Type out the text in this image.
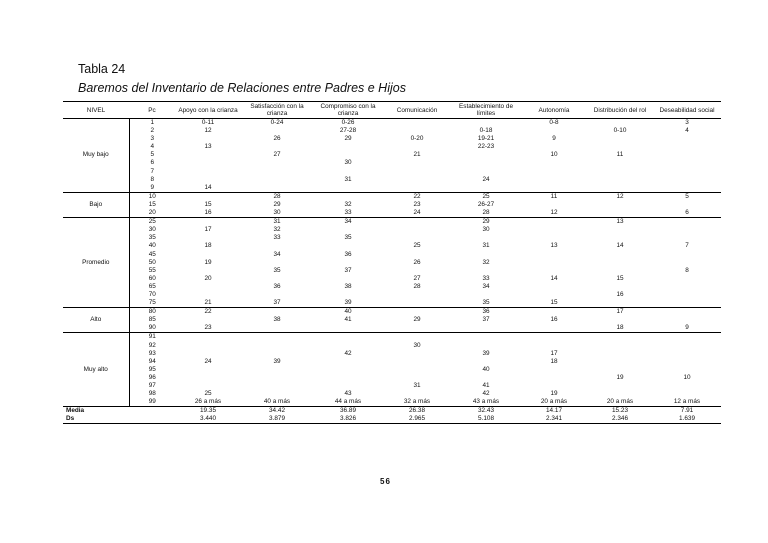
Tabla 24
Baremos del Inventario de Relaciones entre Padres e Hijos
NIVEL	Pc	Apoyo con la crianza	Satisfacción con la crianza	Compromiso con la crianza	Comunicación	Establecimiento de límites	Autonomía	Distribución del rol	Deseabilidad social
Muy bajo	1	0-11	0-24	0-26			0-8		3
	2	12		27-28		0-18		0-10	4
	3		26	29	0-20	19-21	9		
	4	13				22-23			
	5		27		21		10	11	
	6			30					
	7								
	8			31		24			
	9	14							
Bajo	10		28		22	25	11	12	5
	15	15	29	32	23	26-27			
	20	16	30	33	24	28	12		6
Promedio	25		31	34		29		13	
	30	17	32			30			
	35		33	35					
	40	18			25	31	13	14	7
	45		34	36					
	50	19			26	32			
	55		35	37					8
	60	20			27	33	14	15	
	65		36	38	28	34			
	70							16	
	75	21	37	39		35	15		
Alto	80	22		40		36		17	
	85		38	41	29	37	16		
	90	23						18	9
Muy alto	91								
	92				30				
	93			42		39	17		
	94	24	39				18		
	95					40			
	96							19	10
	97				31	41			
	98	25		43		42	19		
	99	26 a más	40 a más	44 a más	32 a más	43 a más	20 a más	20 a más	12 a más
Media		19.35	34.42	36.89	26.38	32.43	14.17	15.23	7.91
Ds		3.440	3.879	3.826	2.965	5.108	2.341	2.346	1.639
56
